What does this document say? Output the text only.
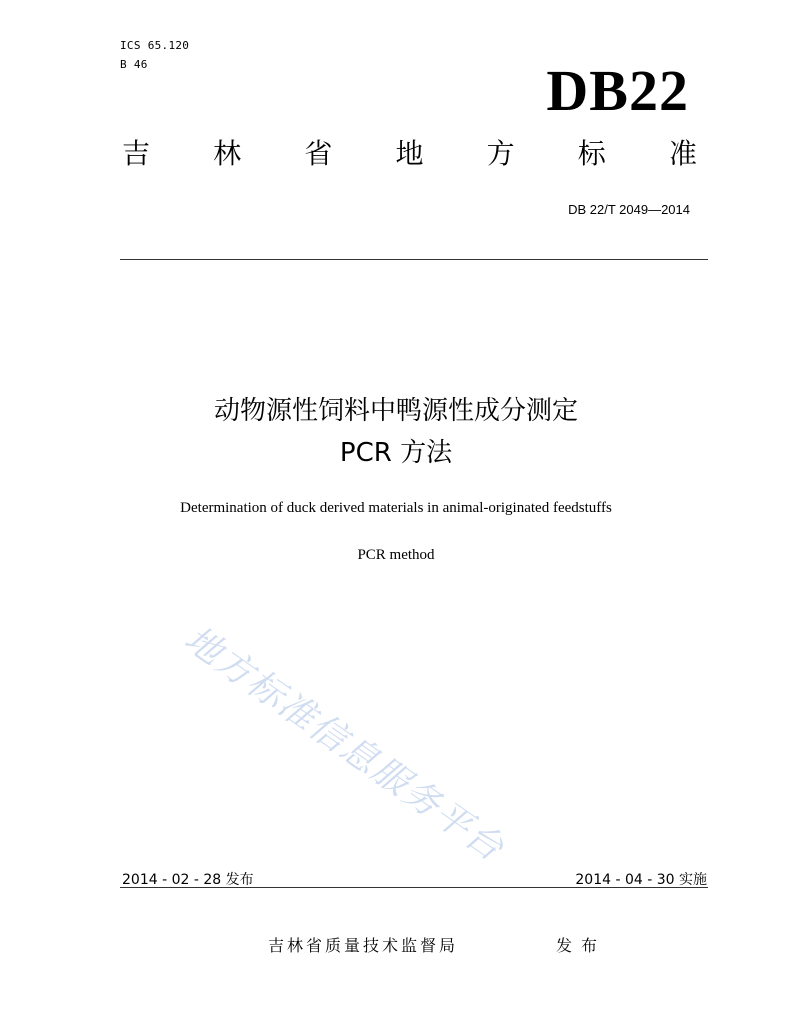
ICS 65.120
B 46	DB22
吉 林 省 地 方 标 准
DB 22/T 2049—2014
动物源性饲料中鸭源性成分测定
PCR 方法
Determination of duck derived materials in animal-originated feedstuffs
PCR method
地方标准信息服务平台
2014 - 02 - 28 发布	2014 - 04 - 30 实施
吉林省质量技术监督局	发布
